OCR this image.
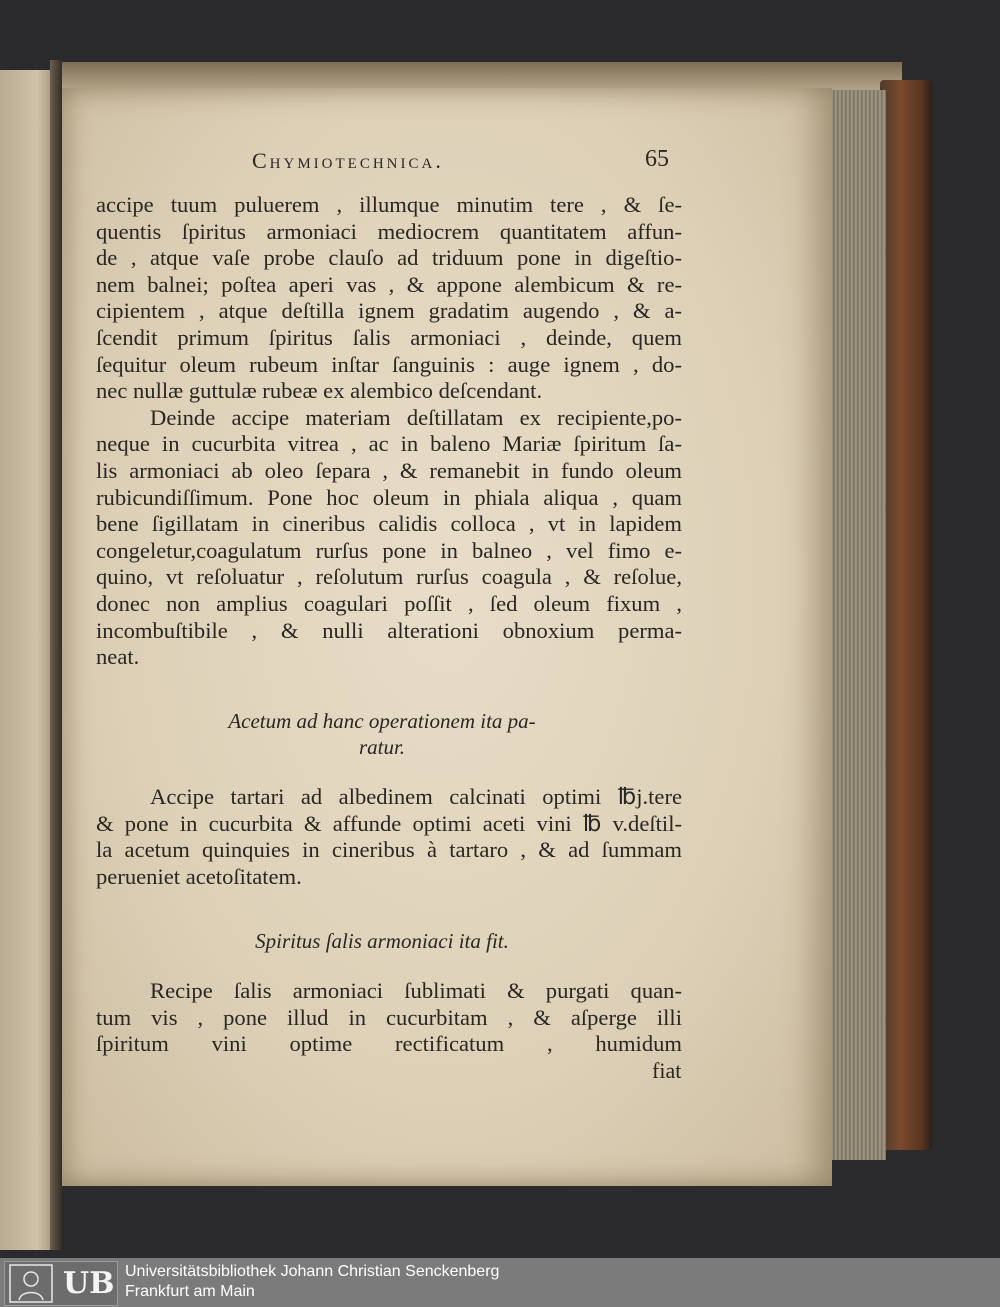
Chymiotechnica.	65
accipe tuum puluerem , illumque minutim tere , & ſe-
quentis ſpiritus armoniaci mediocrem quantitatem affun-
de , atque vaſe probe clauſo ad triduum pone in digeſtio-
nem balnei; poſtea aperi vas , & appone alembicum & re-
cipientem , atque deſtilla ignem gradatim augendo , & a-
ſcendit primum ſpiritus ſalis armoniaci , deinde, quem
ſequitur oleum rubeum inſtar ſanguinis : auge ignem , do-
nec nullæ guttulæ rubeæ ex alembico deſcendant.
Deinde accipe materiam deſtillatam ex recipiente,po-
neque in cucurbita vitrea , ac in baleno Mariæ ſpiritum ſa-
lis armoniaci ab oleo ſepara , & remanebit in fundo oleum
rubicundiſſimum. Pone hoc oleum in phiala aliqua , quam
bene ſigillatam in cineribus calidis colloca , vt in lapidem
congeletur,coagulatum rurſus pone in balneo , vel fimo e-
quino, vt reſoluatur , reſolutum rurſus coagula , & reſolue,
donec non amplius coagulari poſſit , ſed oleum fixum ,
incombuſtibile , & nulli alterationi obnoxium perma-
neat.
Acetum ad hanc operationem ita pa-
ratur.
Accipe tartari ad albedinem calcinati optimi ℔j.tere
& pone in cucurbita & affunde optimi aceti vini ℔ v.deſtil-
la acetum quinquies in cineribus à tartaro , & ad ſummam
perueniet acetoſitatem.
Spiritus ſalis armoniaci ita fit.
Recipe ſalis armoniaci ſublimati & purgati quan-
tum vis , pone illud in cucurbitam , & aſperge illi
ſpiritum vini optime rectificatum , humidum
fiat
UB Universitätsbibliothek Johann Christian Senckenberg
Frankfurt am Main
